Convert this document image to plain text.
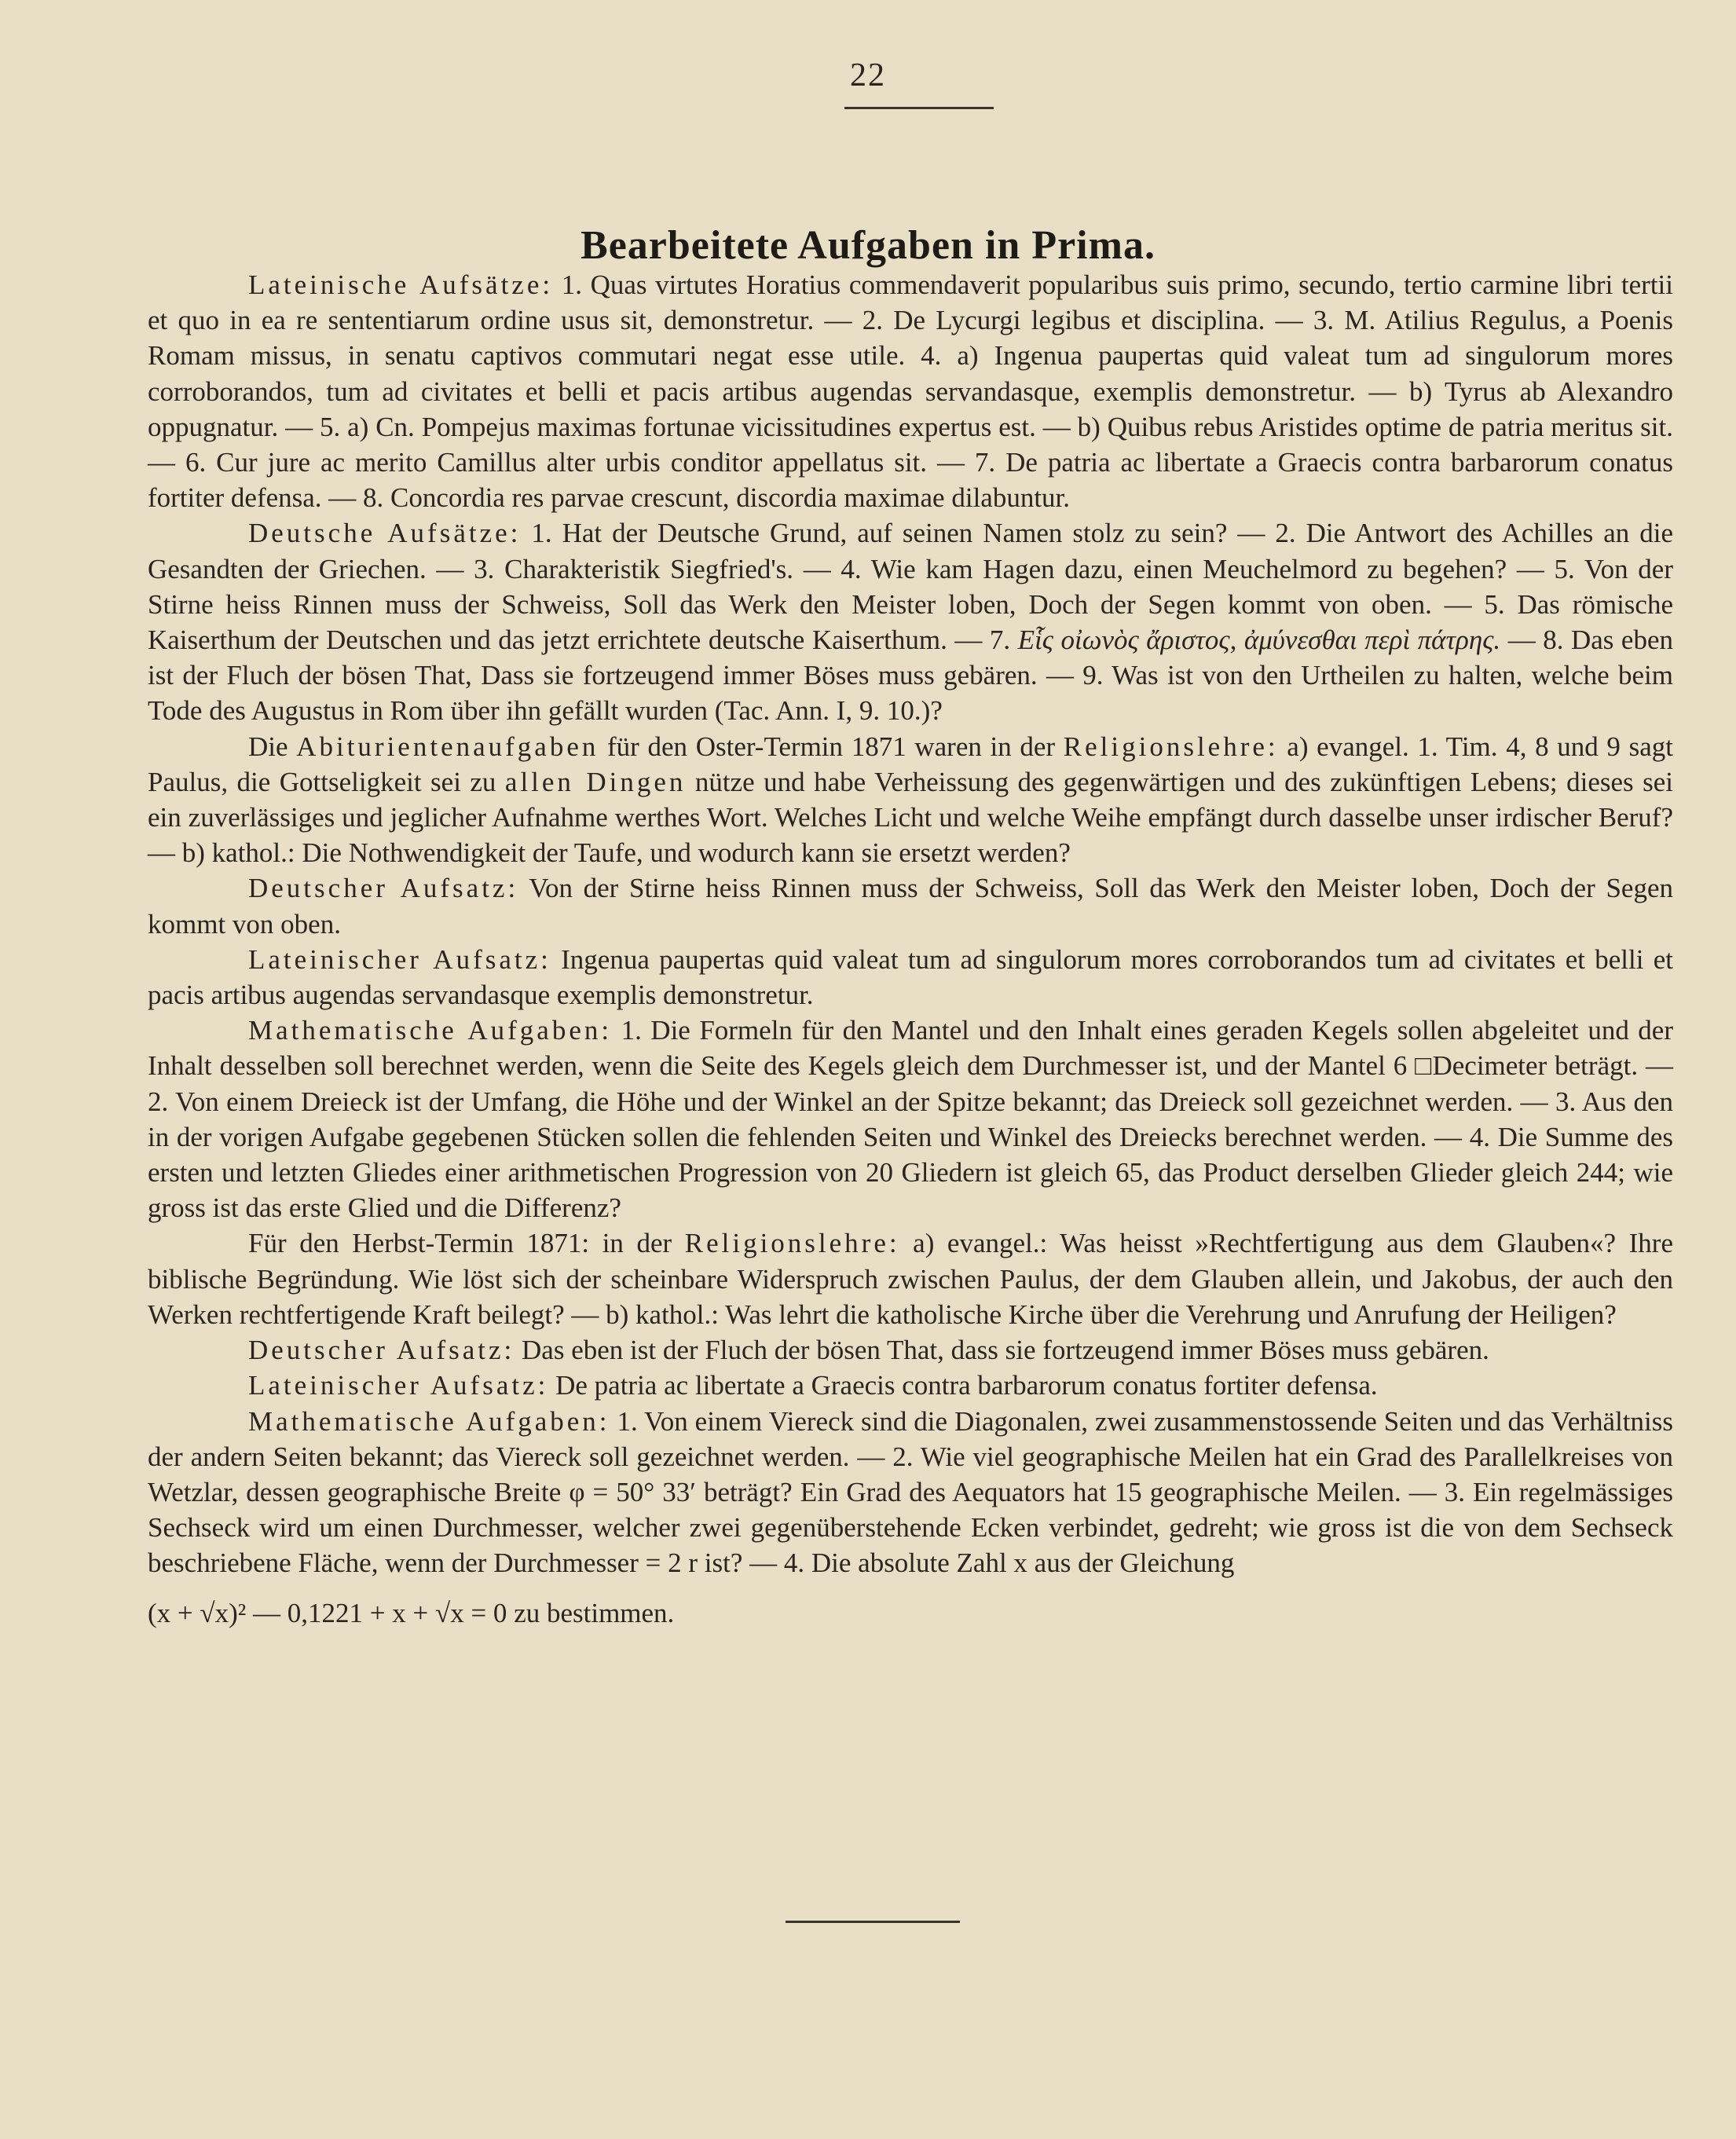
22
Bearbeitete Aufgaben in Prima.

Lateinische Aufsätze: 1. Quas virtutes Horatius commendaverit popularibus suis primo, secundo, tertio carmine libri tertii et quo in ea re sententiarum ordine usus sit, demonstretur. — 2. De Lycurgi legibus et disciplina. — 3. M. Atilius Regulus, a Poenis Romam missus, in senatu captivos commutari negat esse utile. 4. a) Ingenua paupertas quid valeat tum ad singulorum mores corroborandos, tum ad civitates et belli et pacis artibus augendas servandasque, exemplis demonstretur. — b) Tyrus ab Alexandro oppugnatur. — 5. a) Cn. Pompejus maximas fortunae vicissitudines expertus est. — b) Quibus rebus Aristides optime de patria meritus sit. — 6. Cur jure ac merito Camillus alter urbis conditor appellatus sit. — 7. De patria ac libertate a Graecis contra barbarorum conatus fortiter defensa. — 8. Concordia res parvae crescunt, discordia maximae dilabuntur.

Deutsche Aufsätze: 1. Hat der Deutsche Grund, auf seinen Namen stolz zu sein? — 2. Die Antwort des Achilles an die Gesandten der Griechen. — 3. Charakteristik Siegfried's. — 4. Wie kam Hagen dazu, einen Meuchelmord zu begehen? — 5. Von der Stirne heiss Rinnen muss der Schweiss, Soll das Werk den Meister loben, Doch der Segen kommt von oben. — 5. Das römische Kaiserthum der Deutschen und das jetzt errichtete deutsche Kaiserthum. — 7. Εἷς οἰωνὸς ἄριστος, ἀμύνεσθαι περὶ πάτρης. — 8. Das eben ist der Fluch der bösen That, Dass sie fortzeugend immer Böses muss gebären. — 9. Was ist von den Urtheilen zu halten, welche beim Tode des Augustus in Rom über ihn gefällt wurden (Tac. Ann. I, 9. 10.)?

Die Abiturientenaufgaben für den Oster-Termin 1871 waren in der Religionslehre: a) evangel. 1. Tim. 4, 8 und 9 sagt Paulus, die Gottseligkeit sei zu allen Dingen nütze und habe Verheissung des gegenwärtigen und des zukünftigen Lebens; dieses sei ein zuverlässiges und jeglicher Aufnahme werthes Wort. Welches Licht und welche Weihe empfängt durch dasselbe unser irdischer Beruf? — b) kathol.: Die Nothwendigkeit der Taufe, und wodurch kann sie ersetzt werden?

Deutscher Aufsatz: Von der Stirne heiss Rinnen muss der Schweiss, Soll das Werk den Meister loben, Doch der Segen kommt von oben.

Lateinischer Aufsatz: Ingenua paupertas quid valeat tum ad singulorum mores corroborandos tum ad civitates et belli et pacis artibus augendas servandasque exemplis demonstretur.

Mathematische Aufgaben: 1. Die Formeln für den Mantel und den Inhalt eines geraden Kegels sollen abgeleitet und der Inhalt desselben soll berechnet werden, wenn die Seite des Kegels gleich dem Durchmesser ist, und der Mantel 6 □Decimeter beträgt. — 2. Von einem Dreieck ist der Umfang, die Höhe und der Winkel an der Spitze bekannt; das Dreieck soll gezeichnet werden. — 3. Aus den in der vorigen Aufgabe gegebenen Stücken sollen die fehlenden Seiten und Winkel des Dreiecks berechnet werden. — 4. Die Summe des ersten und letzten Gliedes einer arithmetischen Progression von 20 Gliedern ist gleich 65, das Product derselben Glieder gleich 244; wie gross ist das erste Glied und die Differenz?

Für den Herbst-Termin 1871: in der Religionslehre: a) evangel.: Was heisst »Rechtfertigung aus dem Glauben«? Ihre biblische Begründung. Wie löst sich der scheinbare Widerspruch zwischen Paulus, der dem Glauben allein, und Jakobus, der auch den Werken rechtfertigende Kraft beilegt? — b) kathol.: Was lehrt die katholische Kirche über die Verehrung und Anrufung der Heiligen?

Deutscher Aufsatz: Das eben ist der Fluch der bösen That, dass sie fortzeugend immer Böses muss gebären.

Lateinischer Aufsatz: De patria ac libertate a Graecis contra barbarorum conatus fortiter defensa.

Mathematische Aufgaben: 1. Von einem Viereck sind die Diagonalen, zwei zusammenstossende Seiten und das Verhältniss der andern Seiten bekannt; das Viereck soll gezeichnet werden. — 2. Wie viel geographische Meilen hat ein Grad des Parallelkreises von Wetzlar, dessen geographische Breite φ = 50° 33′ beträgt? Ein Grad des Aequators hat 15 geographische Meilen. — 3. Ein regelmässiges Sechseck wird um einen Durchmesser, welcher zwei gegenüberstehende Ecken verbindet, gedreht; wie gross ist die von dem Sechseck beschriebene Fläche, wenn der Durchmesser = 2 r ist? — 4. Die absolute Zahl x aus der Gleichung

(x + √x)² — 0,1221 + x + √x = 0 zu bestimmen.
